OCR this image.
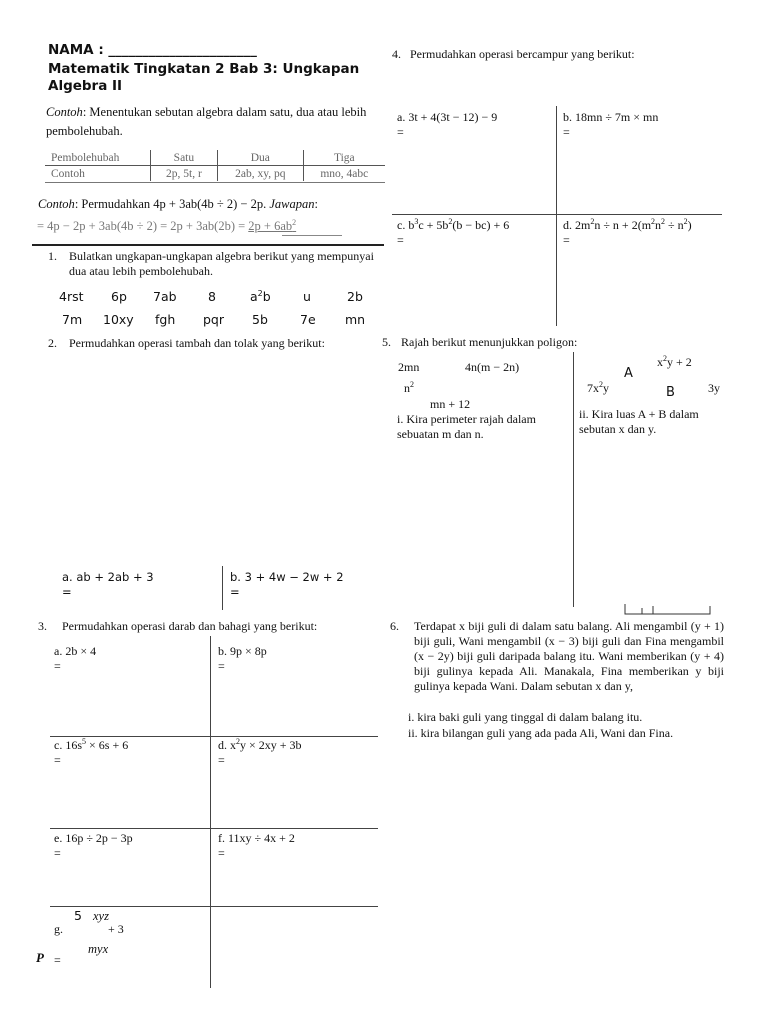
NAMA : ______________________
Matematik Tingkatan 2 Bab 3: Ungkapan
Algebra II
Contoh: Menentukan sebutan algebra dalam satu, dua atau lebih pembolehubah.
Pembolehubah	Satu	Dua	Tiga
Contoh	2p, 5t, r	2ab, xy, pq	mno, 4abc
Contoh: Permudahkan 4p + 3ab(4b ÷ 2) − 2p. Jawapan:
= $4p - 2p + 3ab(4b \div 2) = 2p + 3ab(2b) = 2p + 6ab^2$
1. Bulatkan ungkapan-ungkapan algebra berikut yang mempunyai dua atau lebih pembolehubah.
4rst 6p 7ab	8	$a^2b$	u	2b
7m 10xy fgh pqr 5b	7e mn
2. Permudahkan operasi tambah dan tolak yang berikut:
a. ab + 2ab + 3
=
b. 3 + 4w − 2w + 2
=
3. Permudahkan operasi darab dan bahagi yang berikut:
a. 2b × 4
=
b. 9p × 8p
=
c. $16s^5 \times 6s + 6$
=
d. $x^2y \times 2xy + 3b$
=
e. 16p ÷ 2p − 3p
=
f. 11xy ÷ 4x + 2
=
5 xyz
g.	+ 3
myx
P =
4. Permudahkan operasi bercampur yang berikut:
a. 3t + 4(3t − 12) − 9
=
b. 18mn ÷ 7m × mn
=
c. $b^3c + 5b^2(b - bc) + 6$
=
d. $2m^2n \div n + 2(m^2n^2 \div n^2)$
=
5. Rajah berikut menunjukkan poligon:
2mn	4n(m − 2n)
$n^2$
mn + 12
i. Kira perimeter rajah dalam sebuatan m dan n.
A
$x^2y + 2$
$7x^2y$	B	3y
ii. Kira luas A + B dalam sebutan x dan y.
6. Terdapat x biji guli di dalam satu balang. Ali mengambil (y + 1) biji guli, Wani mengambil (x − 3) biji guli dan Fina mengambil (x − 2y) biji guli daripada balang itu. Wani memberikan (y + 4) biji gulinya kepada Ali. Manakala, Fina memberikan y biji gulinya kepada Wani. Dalam sebutan x dan y,
i. kira baki guli yang tinggal di dalam balang itu.
ii. kira bilangan guli yang ada pada Ali, Wani dan Fina.
